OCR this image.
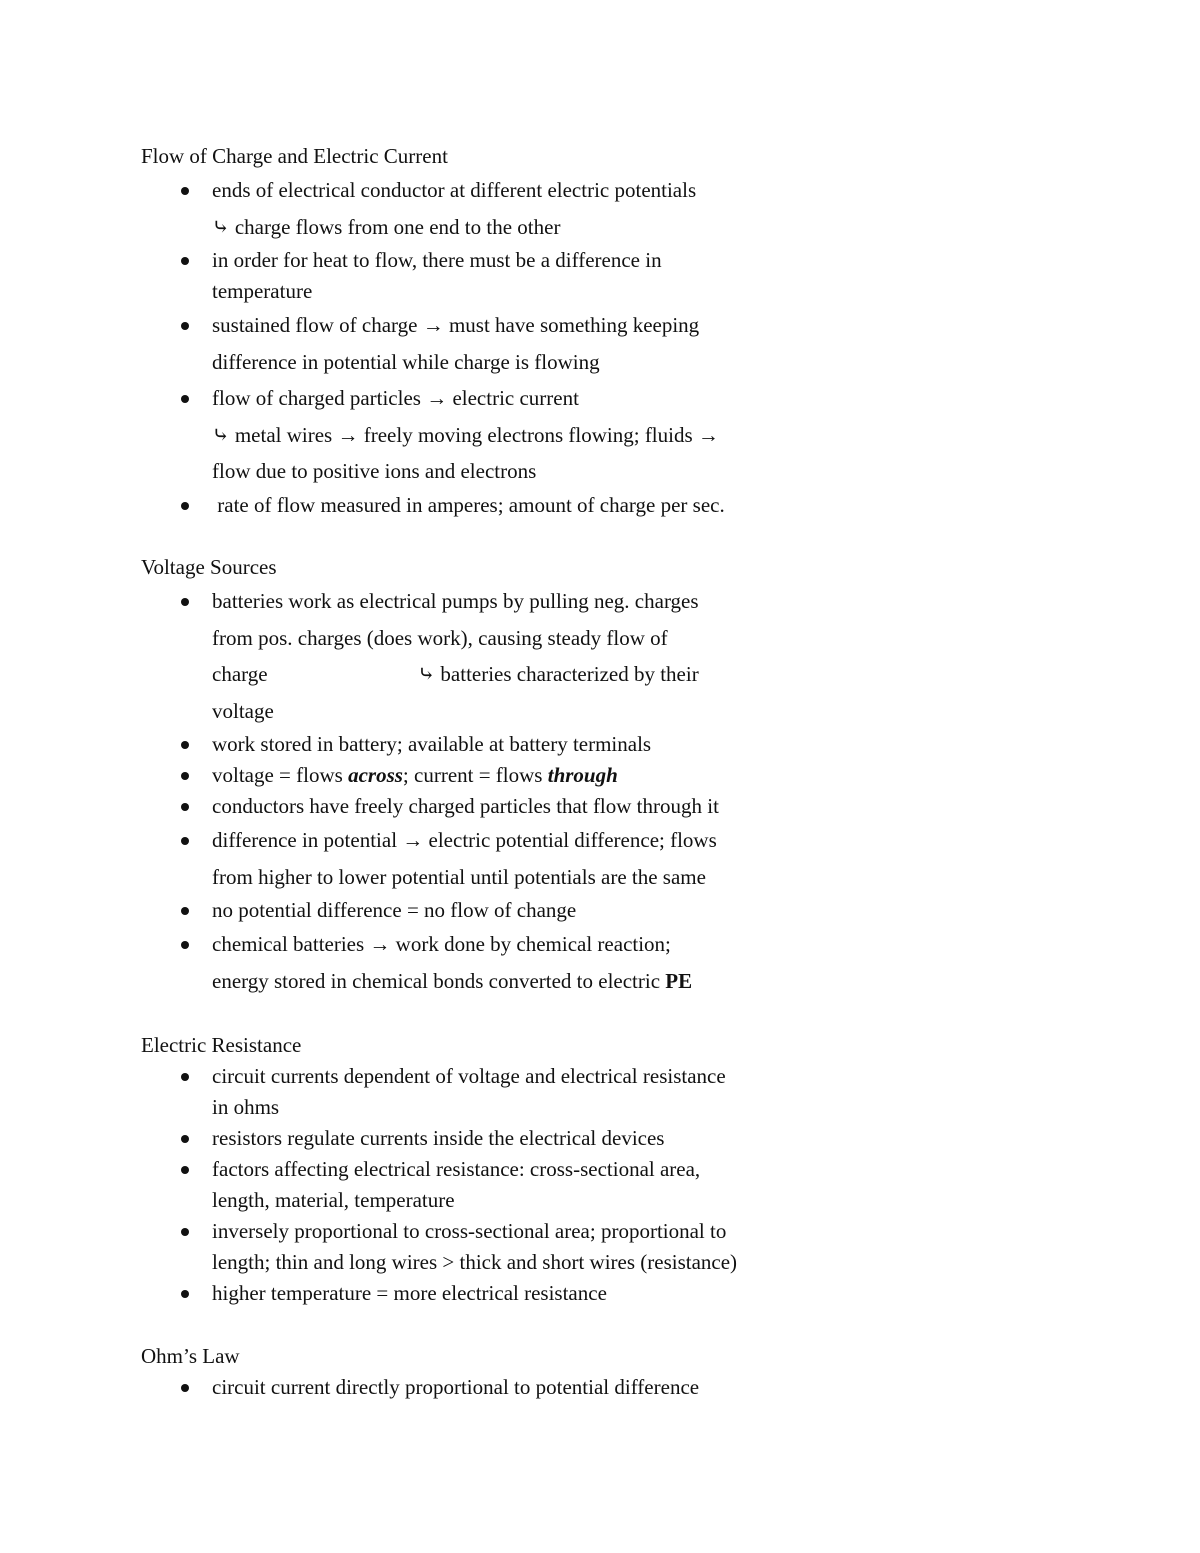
Flow of Charge and Electric Current
ends of electrical conductor at different electric potentials
⤷ charge flows from one end to the other
in order for heat to flow, there must be a difference in
temperature
sustained flow of charge → must have something keeping
difference in potential while charge is flowing
flow of charged particles → electric current
⤷ metal wires → freely moving electrons flowing; fluids →
flow due to positive ions and electrons
rate of flow measured in amperes; amount of charge per sec.
Voltage Sources
batteries work as electrical pumps by pulling neg. charges
from pos. charges (does work), causing steady flow of
charge	⤷ batteries characterized by their
voltage
work stored in battery; available at battery terminals
voltage = flows across; current = flows through
conductors have freely charged particles that flow through it
difference in potential → electric potential difference; flows
from higher to lower potential until potentials are the same
no potential difference = no flow of change
chemical batteries → work done by chemical reaction;
energy stored in chemical bonds converted to electric PE
Electric Resistance
circuit currents dependent of voltage and electrical resistance
in ohms
resistors regulate currents inside the electrical devices
factors affecting electrical resistance: cross-sectional area,
length, material, temperature
inversely proportional to cross-sectional area; proportional to
length; thin and long wires > thick and short wires (resistance)
higher temperature = more electrical resistance
Ohm’s Law
circuit current directly proportional to potential difference
